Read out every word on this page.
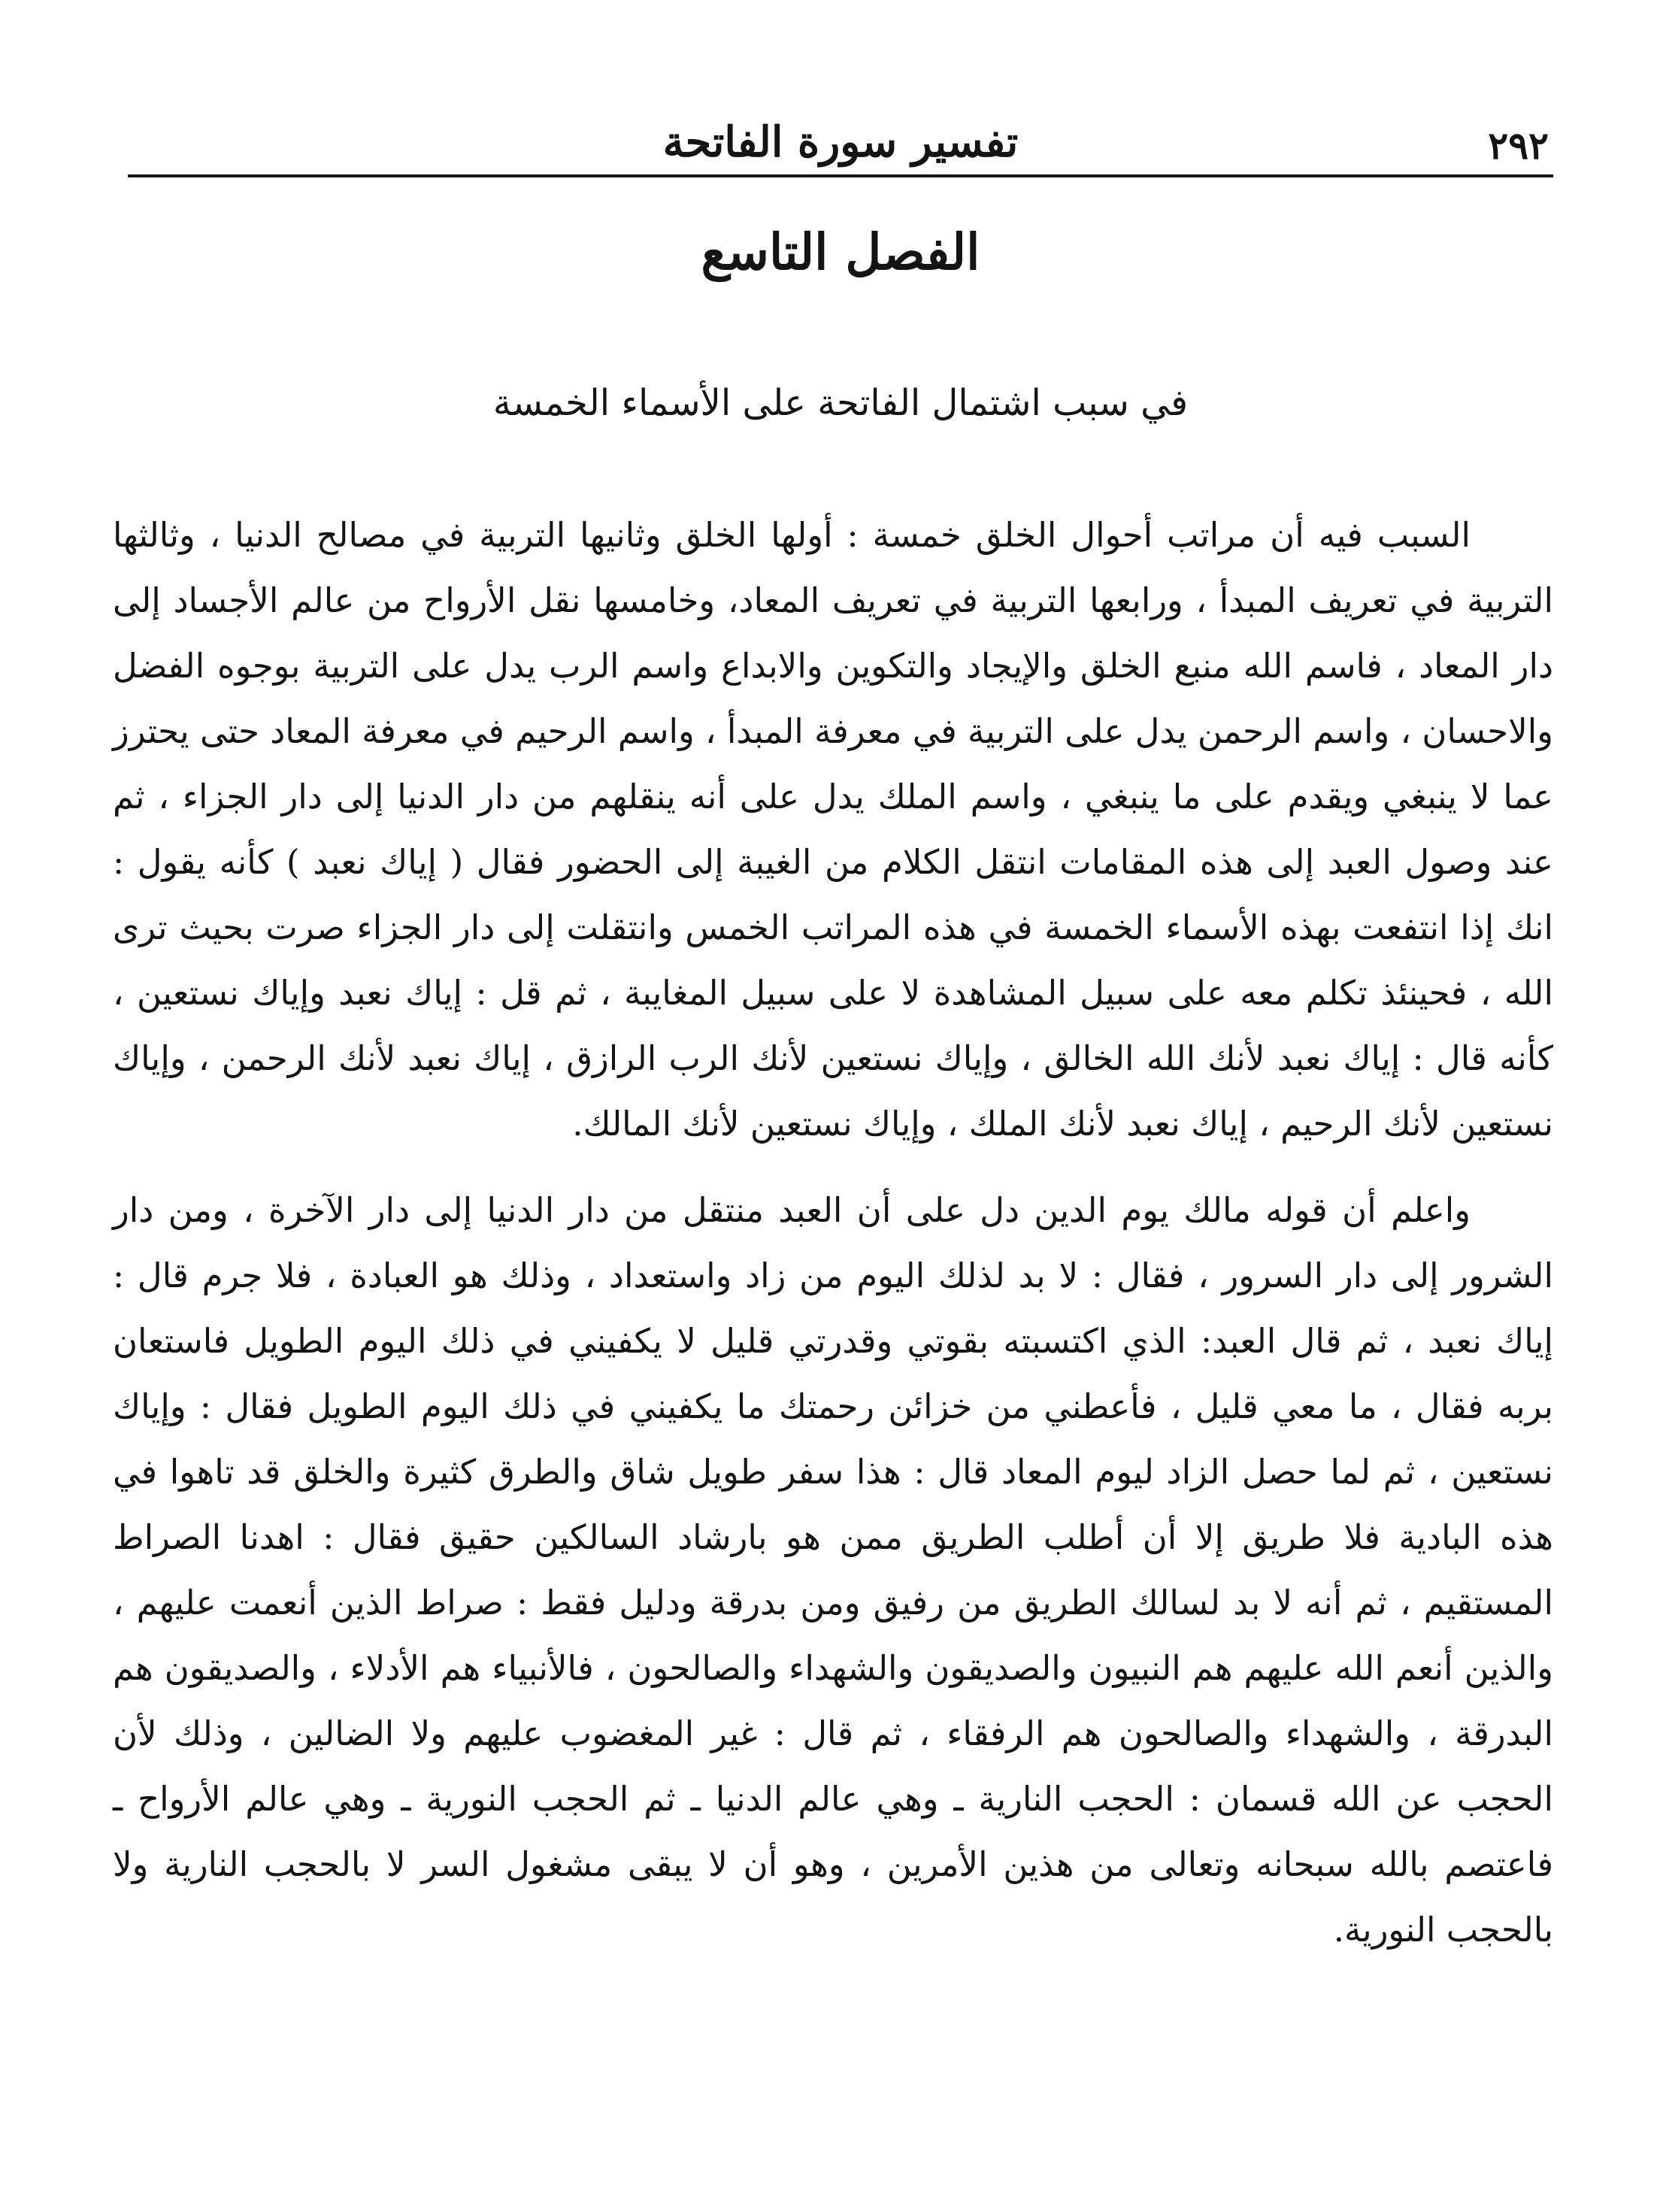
٢٩٢
تفسير سورة الفاتحة
الفصل التاسع
في سبب اشتمال الفاتحة على الأسماء الخمسة

السبب فيه أن مراتب أحوال الخلق خمسة : أولها الخلق وثانيها التربية في مصالح الدنيا ، وثالثها التربية في تعريف المبدأ ، ورابعها التربية في تعريف المعاد، وخامسها نقل الأرواح من عالم الأجساد إلى دار المعاد ، فاسم الله منبع الخلق والإيجاد والتكوين والابداع واسم الرب يدل على التربية بوجوه الفضل والاحسان ، واسم الرحمن يدل على التربية في معرفة المبدأ ، واسم الرحيم في معرفة المعاد حتى يحترز عما لا ينبغي ويقدم على ما ينبغي ، واسم الملك يدل على أنه ينقلهم من دار الدنيا إلى دار الجزاء ، ثم عند وصول العبد إلى هذه المقامات انتقل الكلام من الغيبة إلى الحضور فقال ( إياك نعبد ) كأنه يقول : انك إذا انتفعت بهذه الأسماء الخمسة في هذه المراتب الخمس وانتقلت إلى دار الجزاء صرت بحيث ترى الله ، فحينئذ تكلم معه على سبيل المشاهدة لا على سبيل المغايبة ، ثم قل : إياك نعبد وإياك نستعين ، كأنه قال : إياك نعبد لأنك الله الخالق ، وإياك نستعين لأنك الرب الرازق ، إياك نعبد لأنك الرحمن ، وإياك نستعين لأنك الرحيم ، إياك نعبد لأنك الملك ، وإياك نستعين لأنك المالك.

واعلم أن قوله مالك يوم الدين دل على أن العبد منتقل من دار الدنيا إلى دار الآخرة ، ومن دار الشرور إلى دار السرور ، فقال : لا بد لذلك اليوم من زاد واستعداد ، وذلك هو العبادة ، فلا جرم قال : إياك نعبد ، ثم قال العبد: الذي اكتسبته بقوتي وقدرتي قليل لا يكفيني في ذلك اليوم الطويل فاستعان بربه فقال ، ما معي قليل ، فأعطني من خزائن رحمتك ما يكفيني في ذلك اليوم الطويل فقال : وإياك نستعين ، ثم لما حصل الزاد ليوم المعاد قال : هذا سفر طويل شاق والطرق كثيرة والخلق قد تاهوا في هذه البادية فلا طريق إلا أن أطلب الطريق ممن هو بارشاد السالكين حقيق فقال : اهدنا الصراط المستقيم ، ثم أنه لا بد لسالك الطريق من رفيق ومن بدرقة ودليل فقط : صراط الذين أنعمت عليهم ، والذين أنعم الله عليهم هم النبيون والصديقون والشهداء والصالحون ، فالأنبياء هم الأدلاء ، والصديقون هم البدرقة ، والشهداء والصالحون هم الرفقاء ، ثم قال : غير المغضوب عليهم ولا الضالين ، وذلك لأن الحجب عن الله قسمان : الحجب النارية ـ وهي عالم الدنيا ـ ثم الحجب النورية ـ وهي عالم الأرواح ـ فاعتصم بالله سبحانه وتعالى من هذين الأمرين ، وهو أن لا يبقى مشغول السر لا بالحجب النارية ولا بالحجب النورية.
